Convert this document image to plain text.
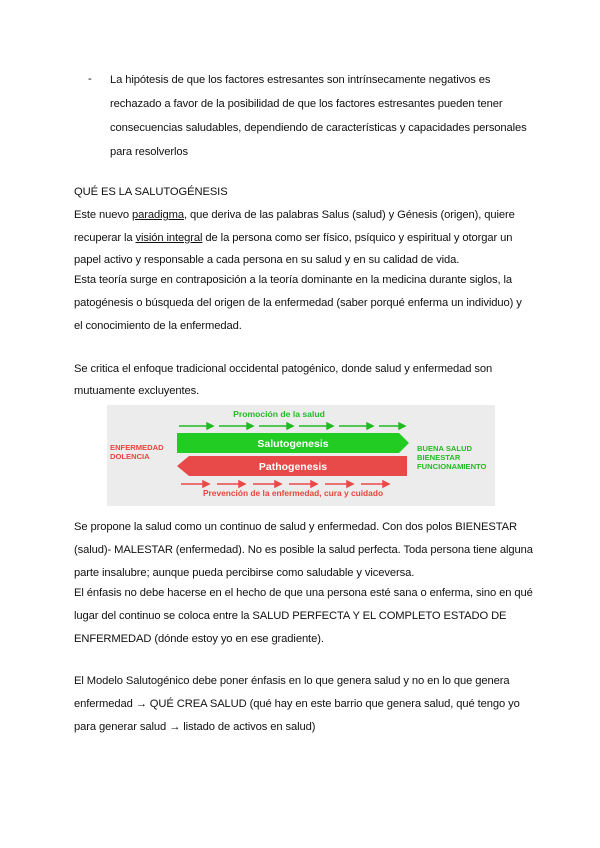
- La hipótesis de que los factores estresantes son intrínsecamente negativos es
rechazado a favor de la posibilidad de que los factores estresantes pueden tener
consecuencias saludables, dependiendo de características y capacidades personales
para resolverlos
QUÉ ES LA SALUTOGÉNESIS
Este nuevo paradigma, que deriva de las palabras Salus (salud) y Génesis (origen), quiere
recuperar la visión integral de la persona como ser físico, psíquico y espiritual y otorgar un
papel activo y responsable a cada persona en su salud y en su calidad de vida.
Esta teoría surge en contraposición a la teoría dominante en la medicina durante siglos, la
patogénesis o búsqueda del origen de la enfermedad (saber porqué enferma un individuo) y
el conocimiento de la enfermedad.
Se critica el enfoque tradicional occidental patogénico, donde salud y enfermedad son
mutuamente excluyentes.
Promoción de la salud
Salutogenesis
Pathogenesis
Prevención de la enfermedad, cura y cuidado
ENFERMEDAD
DOLENCIA
BUENA SALUD
BIENESTAR
FUNCIONAMIENTO
Se propone la salud como un continuo de salud y enfermedad. Con dos polos BIENESTAR
(salud)- MALESTAR (enfermedad). No es posible la salud perfecta. Toda persona tiene alguna
parte insalubre; aunque pueda percibirse como saludable y viceversa.
El énfasis no debe hacerse en el hecho de que una persona esté sana o enferma, sino en qué
lugar del continuo se coloca entre la SALUD PERFECTA Y EL COMPLETO ESTADO DE
ENFERMEDAD (dónde estoy yo en ese gradiente).
El Modelo Salutogénico debe poner énfasis en lo que genera salud y no en lo que genera
enfermedad → QUÉ CREA SALUD (qué hay en este barrio que genera salud, qué tengo yo
para generar salud → listado de activos en salud)
